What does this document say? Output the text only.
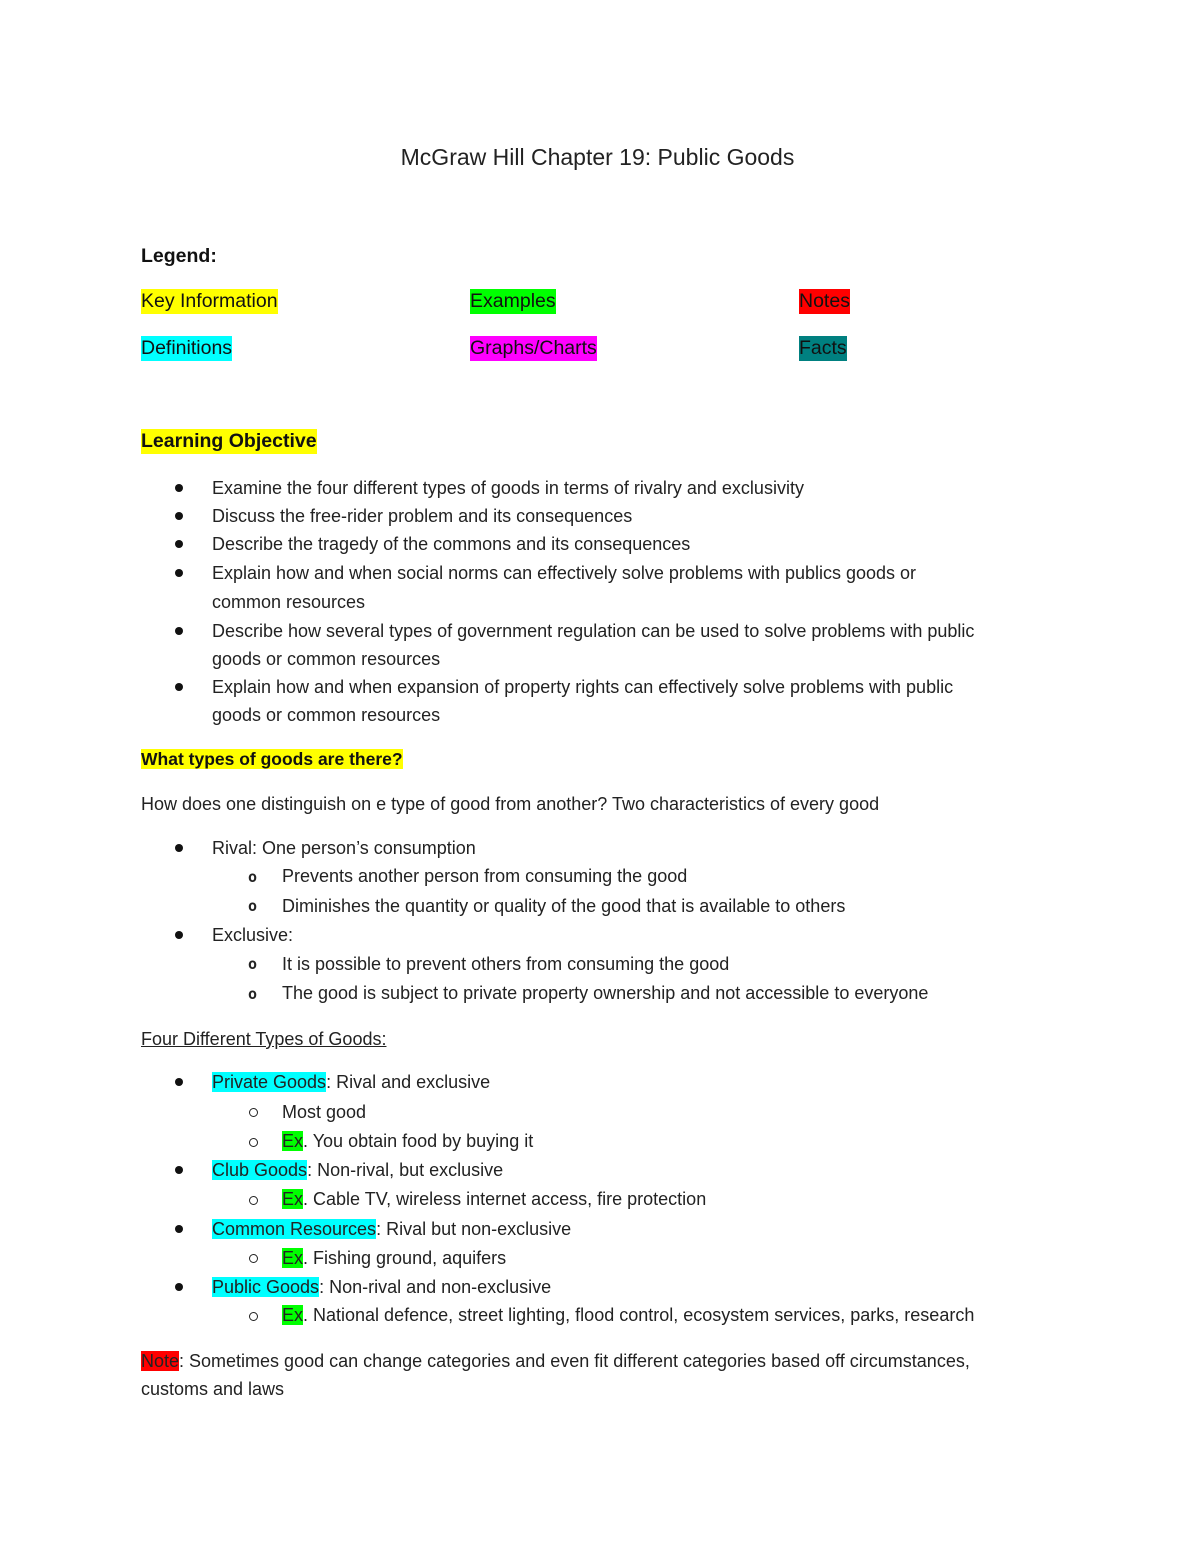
McGraw Hill Chapter 19: Public Goods
Legend:
Key Information	Examples	Notes
Definitions	Graphs/Charts	Facts
Learning Objective
Examine the four different types of goods in terms of rivalry and exclusivity
Discuss the free-rider problem and its consequences
Describe the tragedy of the commons and its consequences
Explain how and when social norms can effectively solve problems with publics goods or
common resources
Describe how several types of government regulation can be used to solve problems with public
goods or common resources
Explain how and when expansion of property rights can effectively solve problems with public
goods or common resources
What types of goods are there?
How does one distinguish on e type of good from another? Two characteristics of every good
Rival: One person’s consumption
o Prevents another person from consuming the good
o Diminishes the quantity or quality of the good that is available to others
Exclusive:
o It is possible to prevent others from consuming the good
o The good is subject to private property ownership and not accessible to everyone
Four Different Types of Goods:
Private Goods: Rival and exclusive
Most good
Ex. You obtain food by buying it
Club Goods: Non-rival, but exclusive
Ex. Cable TV, wireless internet access, fire protection
Common Resources: Rival but non-exclusive
Ex. Fishing ground, aquifers
Public Goods: Non-rival and non-exclusive
Ex. National defence, street lighting, flood control, ecosystem services, parks, research
Note: Sometimes good can change categories and even fit different categories based off circumstances,
customs and laws
